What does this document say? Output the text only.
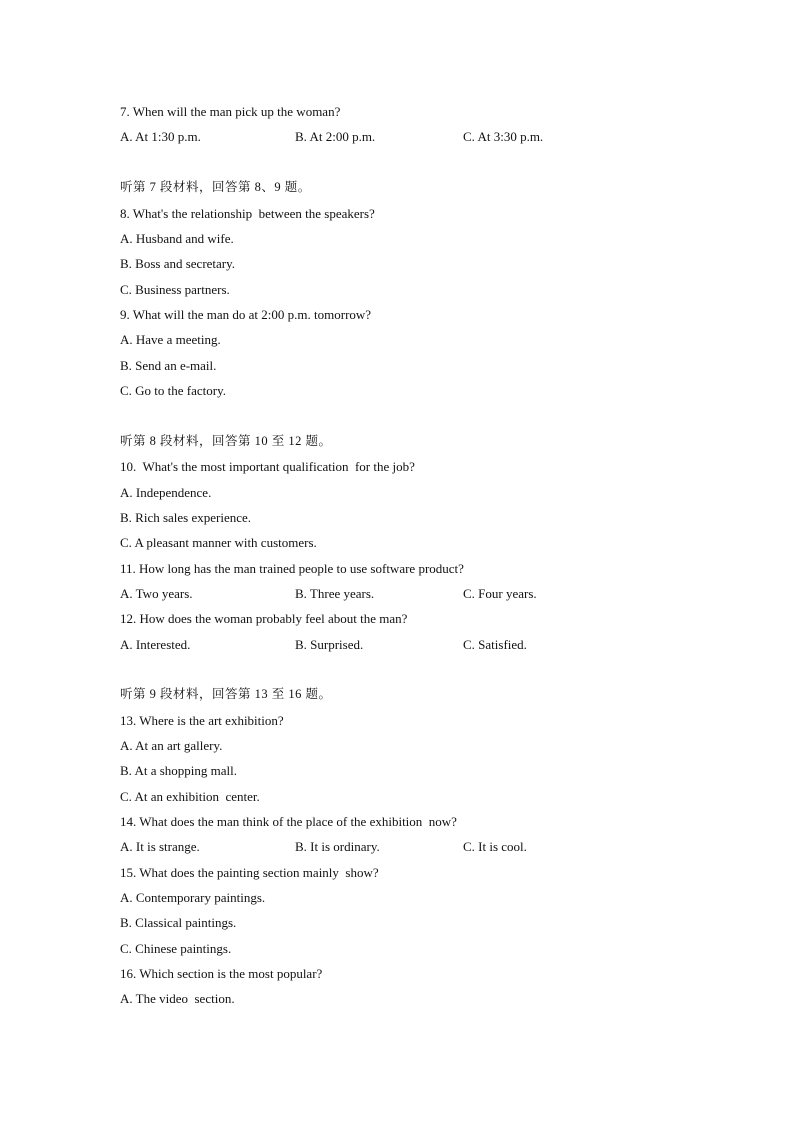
7. When will the man pick up the woman?
A. At 1:30 p.m.	B. At 2:00 p.m.	C. At 3:30 p.m.
听第 7 段材料，回答第 8、9 题。
8. What's the relationship  between the speakers?
A. Husband and wife.
B. Boss and secretary.
C. Business partners.
9. What will the man do at 2:00 p.m. tomorrow?
A. Have a meeting.
B. Send an e-mail.
C. Go to the factory.
听第 8 段材料，回答第 10 至 12 题。
10.  What's the most important qualification  for the job?
A. Independence.
B. Rich sales experience.
C. A pleasant manner with customers.
11. How long has the man trained people to use software product?
A. Two years.	B. Three years.	C. Four years.
12. How does the woman probably feel about the man?
A. Interested.	B. Surprised.	C. Satisfied.
听第 9 段材料，回答第 13 至 16 题。
13. Where is the art exhibition?
A. At an art gallery.
B. At a shopping mall.
C. At an exhibition  center.
14. What does the man think of the place of the exhibition  now?
A. It is strange.	B. It is ordinary.	C. It is cool.
15. What does the painting section mainly  show?
A. Contemporary paintings.
B. Classical paintings.
C. Chinese paintings.
16. Which section is the most popular?
A. The video  section.
